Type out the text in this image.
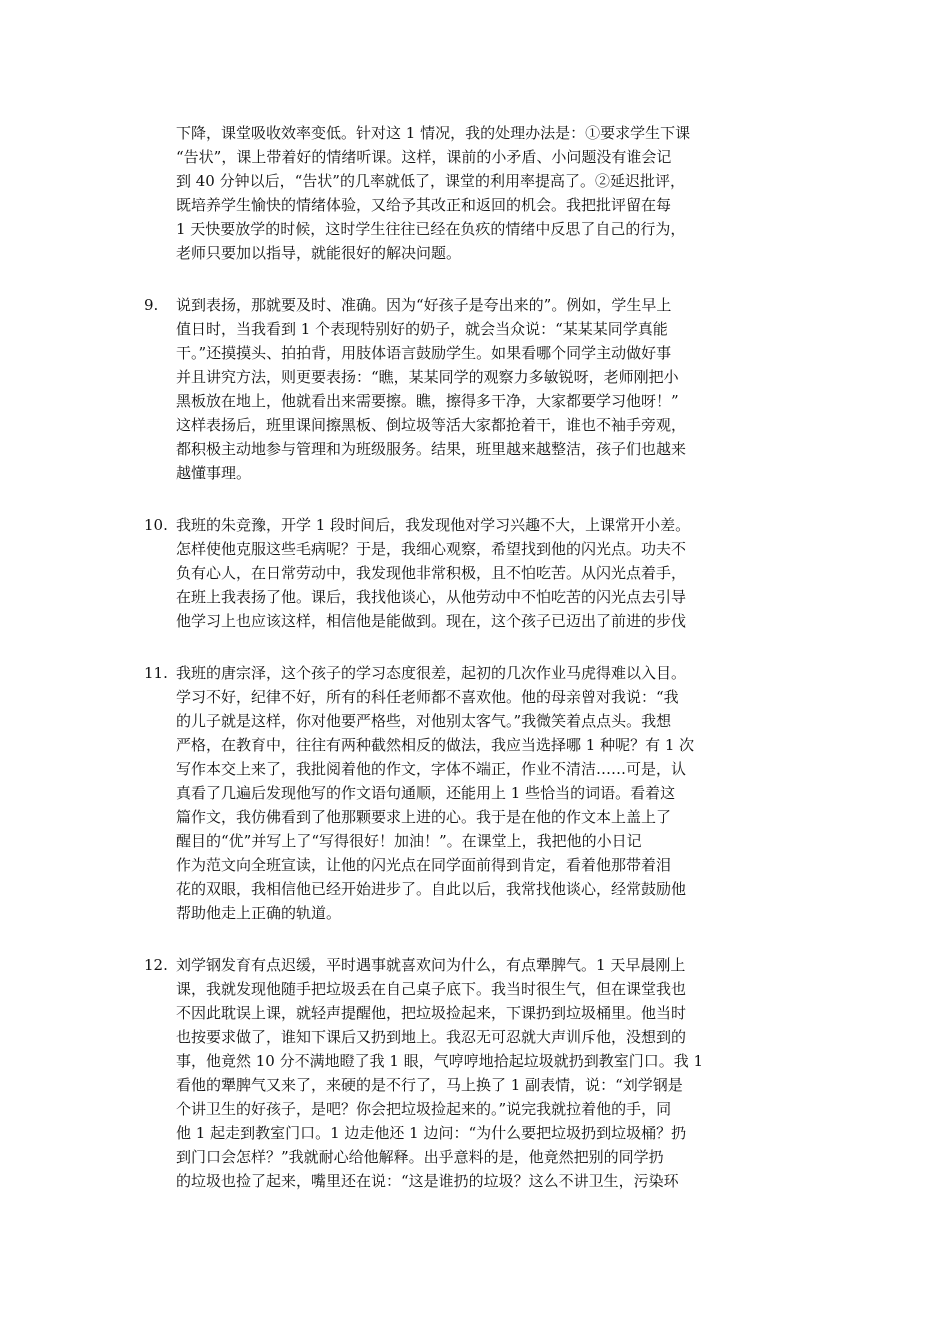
下降，课堂吸收效率变低。针对这 1 情况，我的处理办法是：①要求学生下课
“告状”，课上带着好的情绪听课。这样，课前的小矛盾、小问题没有谁会记
到 40 分钟以后，“告状”的几率就低了，课堂的利用率提高了。②延迟批评，
既培养学生愉快的情绪体验，又给予其改正和返回的机会。我把批评留在每
1 天快要放学的时候，这时学生往往已经在负疚的情绪中反思了自己的行为，
老师只要加以指导，就能很好的解决问题。
9. 说到表扬，那就要及时、准确。因为“好孩子是夸出来的”。例如，学生早上
值日时，当我看到 1 个表现特别好的奶子，就会当众说：“某某某同学真能
干。”还摸摸头、拍拍背，用肢体语言鼓励学生。如果看哪个同学主动做好事
并且讲究方法，则更要表扬：“瞧，某某同学的观察力多敏锐呀，老师刚把小
黑板放在地上，他就看出来需要擦。瞧，擦得多干净，大家都要学习他呀！”
这样表扬后，班里课间擦黑板、倒垃圾等活大家都抢着干，谁也不袖手旁观，
都积极主动地参与管理和为班级服务。结果，班里越来越整洁，孩子们也越来
越懂事理。
10. 我班的朱竞豫，开学 1 段时间后，我发现他对学习兴趣不大，上课常开小差。
怎样使他克服这些毛病呢？于是，我细心观察，希望找到他的闪光点。功夫不
负有心人，在日常劳动中，我发现他非常积极，且不怕吃苦。从闪光点着手，
在班上我表扬了他。课后，我找他谈心，从他劳动中不怕吃苦的闪光点去引导
他学习上也应该这样，相信他是能做到。现在，这个孩子已迈出了前进的步伐
11. 我班的唐宗泽，这个孩子的学习态度很差，起初的几次作业马虎得难以入目。
学习不好，纪律不好，所有的科任老师都不喜欢他。他的母亲曾对我说：“我
的儿子就是这样，你对他要严格些，对他别太客气。”我微笑着点点头。我想
严格，在教育中，往往有两种截然相反的做法，我应当选择哪 1 种呢？有 1 次
写作本交上来了，我批阅着他的作文，字体不端正，作业不清洁……可是，认
真看了几遍后发现他写的作文语句通顺，还能用上 1 些恰当的词语。看着这
篇作文，我仿佛看到了他那颗要求上进的心。我于是在他的作文本上盖上了
醒目的“优”并写上了“写得很好！加油！”。在课堂上，我把他的小日记
作为范文向全班宣读，让他的闪光点在同学面前得到肯定，看着他那带着泪
花的双眼，我相信他已经开始进步了。自此以后，我常找他谈心，经常鼓励他
帮助他走上正确的轨道。
12. 刘学钢发育有点迟缓，平时遇事就喜欢问为什么，有点犟脾气。1 天早晨刚上
课，我就发现他随手把垃圾丢在自己桌子底下。我当时很生气，但在课堂我也
不因此耽误上课，就轻声提醒他，把垃圾捡起来，下课扔到垃圾桶里。他当时
也按要求做了，谁知下课后又扔到地上。我忍无可忍就大声训斥他，没想到的
事，他竟然 10 分不满地瞪了我 1 眼，气哼哼地拾起垃圾就扔到教室门口。我 1
看他的犟脾气又来了，来硬的是不行了，马上换了 1 副表情，说：“刘学钢是
个讲卫生的好孩子，是吧？你会把垃圾捡起来的。”说完我就拉着他的手，同
他 1 起走到教室门口。1 边走他还 1 边问：“为什么要把垃圾扔到垃圾桶？扔
到门口会怎样？”我就耐心给他解释。出乎意料的是，他竟然把别的同学扔
的垃圾也捡了起来，嘴里还在说：“这是谁扔的垃圾？这么不讲卫生，污染环
